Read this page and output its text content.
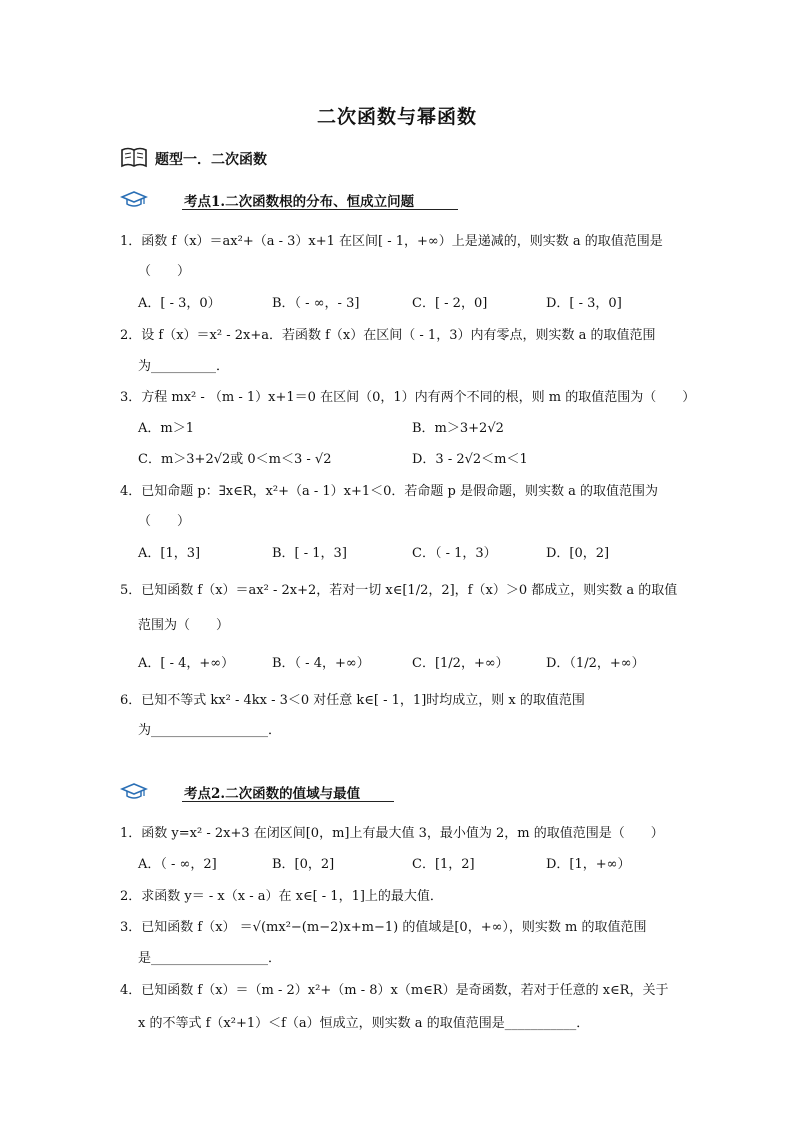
二次函数与幂函数
题型一．二次函数
考点1.二次函数根的分布、恒成立问题
1．函数 f（x）＝ax²+（a - 3）x+1 在区间[ - 1，+∞）上是递减的，则实数 a 的取值范围是
（　　）
A．[ - 3，0）	B．（ - ∞，- 3]	C．[ - 2，0]	D．[ - 3，0]
2．设 f（x）＝x² - 2x+a．若函数 f（x）在区间（ - 1，3）内有零点，则实数 a 的取值范围
为__________．
3．方程 mx² - （m - 1）x+1＝0 在区间（0，1）内有两个不同的根，则 m 的取值范围为（　　）
A．m＞1	B．m＞3+2√2
C．m＞3+2√2或 0＜m＜3 - √2	D．3 - 2√2＜m＜1
4．已知命题 p：∃x∈R，x²+（a - 1）x+1＜0．若命题 p 是假命题，则实数 a 的取值范围为
（　　）
A．[1，3]	B．[ - 1，3]	C．（ - 1，3）	D．[0，2]
5．已知函数 f（x）＝ax² - 2x+2，若对一切 x∈[1/2，2]，f（x）＞0 都成立，则实数 a 的取值
范围为（　　）
A．[ - 4，+∞）	B．（ - 4，+∞）	C．[1/2，+∞）	D．（1/2，+∞）
6．已知不等式 kx² - 4kx - 3＜0 对任意 k∈[ - 1，1]时均成立，则 x 的取值范围
为__________________．
考点2.二次函数的值域与最值
1．函数 y=x² - 2x+3 在闭区间[0，m]上有最大值 3，最小值为 2，m 的取值范围是（　　）
A．（ - ∞，2]	B．[0，2]	C．[1，2]	D．[1，+∞）
2．求函数 y＝ - x（x - a）在 x∈[ - 1，1]上的最大值．
3．已知函数 f（x） ＝√(mx²−(m−2)x+m−1) 的值域是[0，+∞），则实数 m 的取值范围
是__________________．
4．已知函数 f（x）＝（m - 2）x²+（m - 8）x（m∈R）是奇函数，若对于任意的 x∈R，关于
x 的不等式 f（x²+1）＜f（a）恒成立，则实数 a 的取值范围是___________．
